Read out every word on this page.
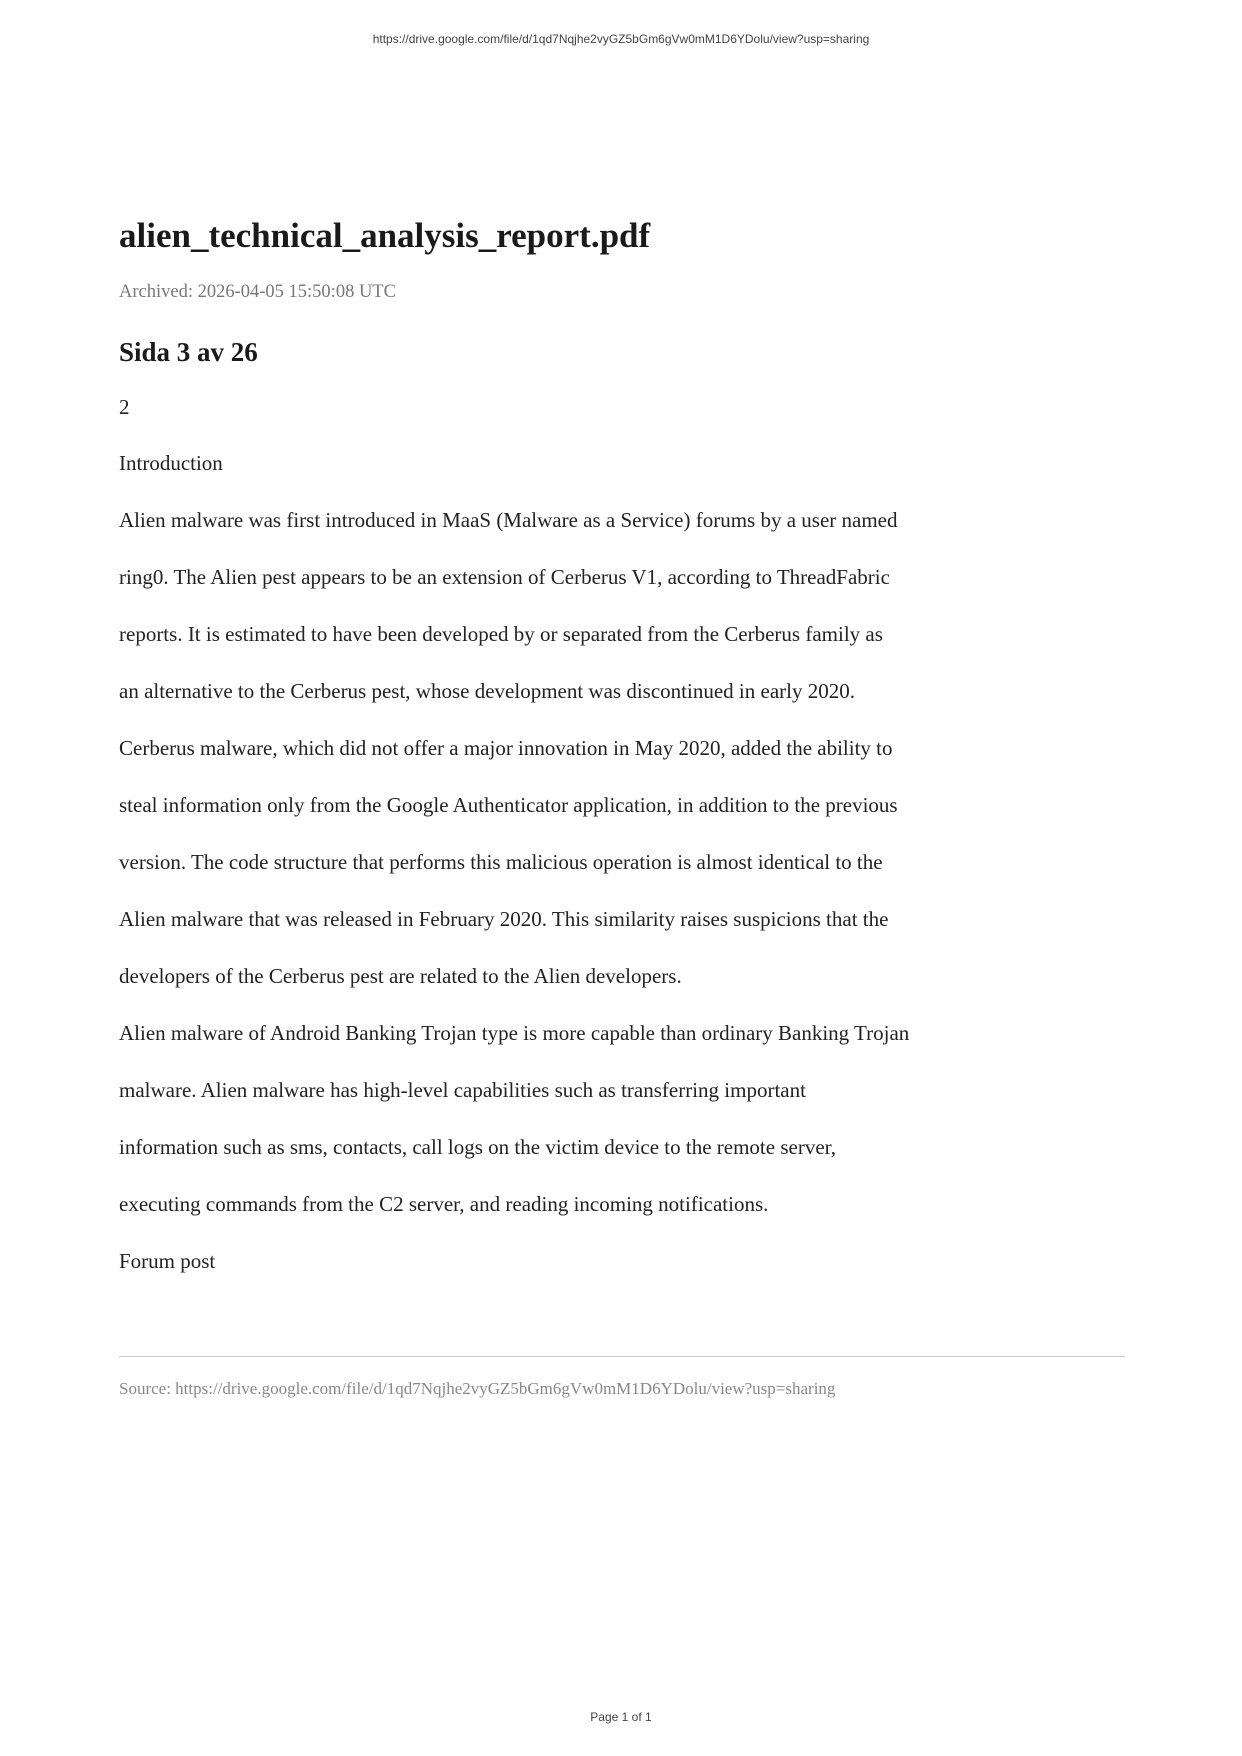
https://drive.google.com/file/d/1qd7Nqjhe2vyGZ5bGm6gVw0mM1D6YDolu/view?usp=sharing
alien_technical_analysis_report.pdf
Archived: 2026-04-05 15:50:08 UTC
Sida 3 av 26
2
Introduction
Alien malware was first introduced in MaaS (Malware as a Service) forums by a user named
ring0. The Alien pest appears to be an extension of Cerberus V1, according to ThreadFabric
reports. It is estimated to have been developed by or separated from the Cerberus family as
an alternative to the Cerberus pest, whose development was discontinued in early 2020.
Cerberus malware, which did not offer a major innovation in May 2020, added the ability to
steal information only from the Google Authenticator application, in addition to the previous
version. The code structure that performs this malicious operation is almost identical to the
Alien malware that was released in February 2020. This similarity raises suspicions that the
developers of the Cerberus pest are related to the Alien developers.
Alien malware of Android Banking Trojan type is more capable than ordinary Banking Trojan
malware. Alien malware has high-level capabilities such as transferring important
information such as sms, contacts, call logs on the victim device to the remote server,
executing commands from the C2 server, and reading incoming notifications.
Forum post
Source: https://drive.google.com/file/d/1qd7Nqjhe2vyGZ5bGm6gVw0mM1D6YDolu/view?usp=sharing
Page 1 of 1
